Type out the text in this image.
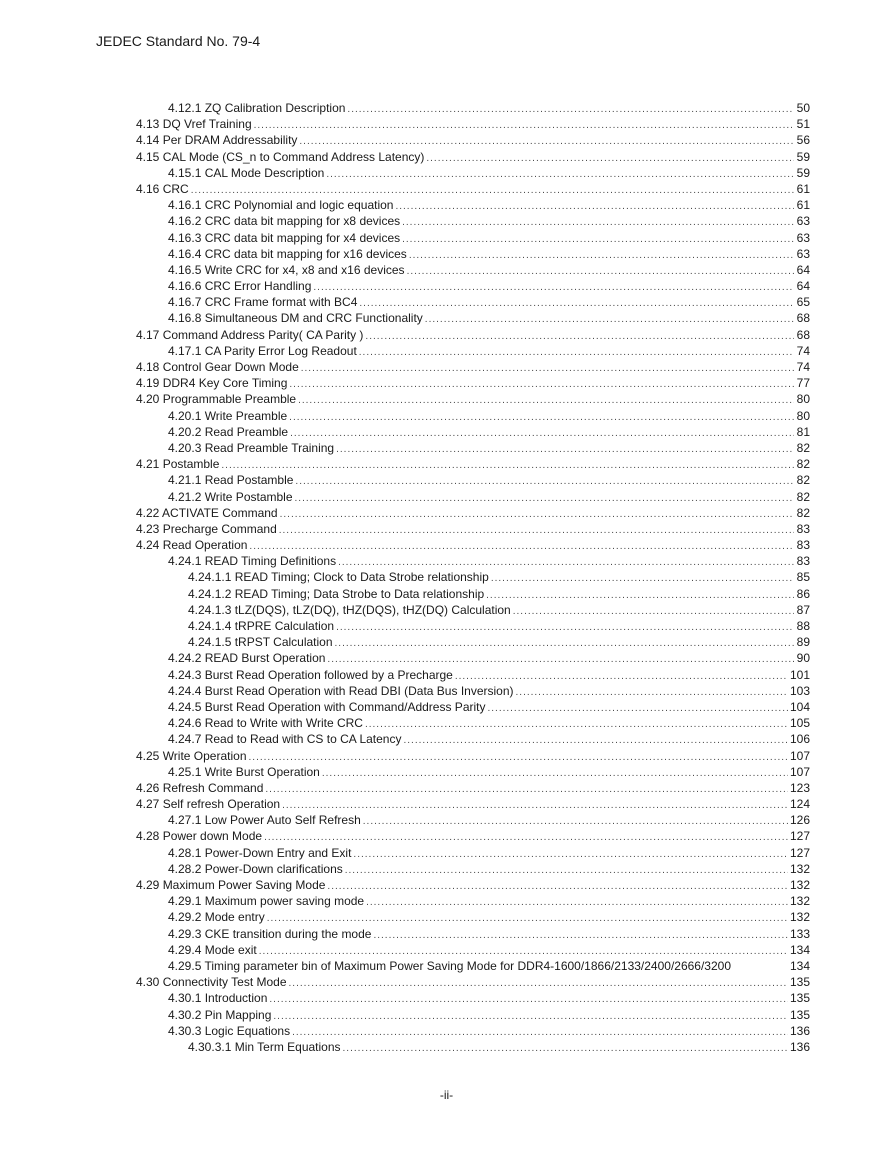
JEDEC Standard No. 79-4
4.12.1 ZQ Calibration Description .....	50
4.13 DQ Vref Training .....	51
4.14 Per DRAM Addressability .....	56
4.15 CAL Mode (CS_n to Command Address Latency) .....	59
4.15.1 CAL Mode Description .....	59
4.16 CRC .....	61
4.16.1 CRC Polynomial and logic equation .....	61
4.16.2 CRC data bit mapping for x8 devices .....	63
4.16.3 CRC data bit mapping for x4 devices .....	63
4.16.4 CRC data bit mapping for x16 devices .....	63
4.16.5 Write CRC for x4, x8 and x16 devices .....	64
4.16.6 CRC Error Handling .....	64
4.16.7 CRC Frame format with BC4 .....	65
4.16.8 Simultaneous DM and CRC Functionality .....	68
4.17 Command Address Parity( CA Parity ) .....	68
4.17.1 CA Parity Error Log Readout .....	74
4.18 Control Gear Down Mode .....	74
4.19 DDR4 Key Core Timing .....	77
4.20 Programmable Preamble .....	80
4.20.1 Write Preamble .....	80
4.20.2 Read Preamble .....	81
4.20.3 Read Preamble Training .....	82
4.21 Postamble .....	82
4.21.1 Read Postamble .....	82
4.21.2 Write Postamble .....	82
4.22 ACTIVATE Command .....	82
4.23 Precharge Command .....	83
4.24 Read Operation .....	83
4.24.1 READ Timing Definitions .....	83
4.24.1.1 READ Timing; Clock to Data Strobe relationship .....	85
4.24.1.2 READ Timing; Data Strobe to Data relationship .....	86
4.24.1.3 tLZ(DQS), tLZ(DQ), tHZ(DQS), tHZ(DQ) Calculation .....	87
4.24.1.4 tRPRE Calculation .....	88
4.24.1.5 tRPST Calculation .....	89
4.24.2 READ Burst Operation .....	90
4.24.3 Burst Read Operation followed by a Precharge .....	101
4.24.4 Burst Read Operation with Read DBI (Data Bus Inversion) .....	103
4.24.5 Burst Read Operation with Command/Address Parity .....	104
4.24.6 Read to Write with Write CRC .....	105
4.24.7 Read to Read with CS to CA Latency .....	106
4.25 Write Operation .....	107
4.25.1 Write Burst Operation .....	107
4.26 Refresh Command .....	123
4.27 Self refresh Operation .....	124
4.27.1 Low Power Auto Self Refresh .....	126
4.28 Power down Mode .....	127
4.28.1 Power-Down Entry and Exit .....	127
4.28.2 Power-Down clarifications .....	132
4.29 Maximum Power Saving Mode .....	132
4.29.1 Maximum power saving mode .....	132
4.29.2 Mode entry .....	132
4.29.3 CKE transition during the mode .....	133
4.29.4 Mode exit .....	134
4.29.5 Timing parameter bin of Maximum Power Saving Mode for DDR4-1600/1866/2133/2400/2666/3200	134
4.30 Connectivity Test Mode .....	135
4.30.1 Introduction .....	135
4.30.2 Pin Mapping .....	135
4.30.3 Logic Equations .....	136
4.30.3.1 Min Term Equations .....	136
-ii-
